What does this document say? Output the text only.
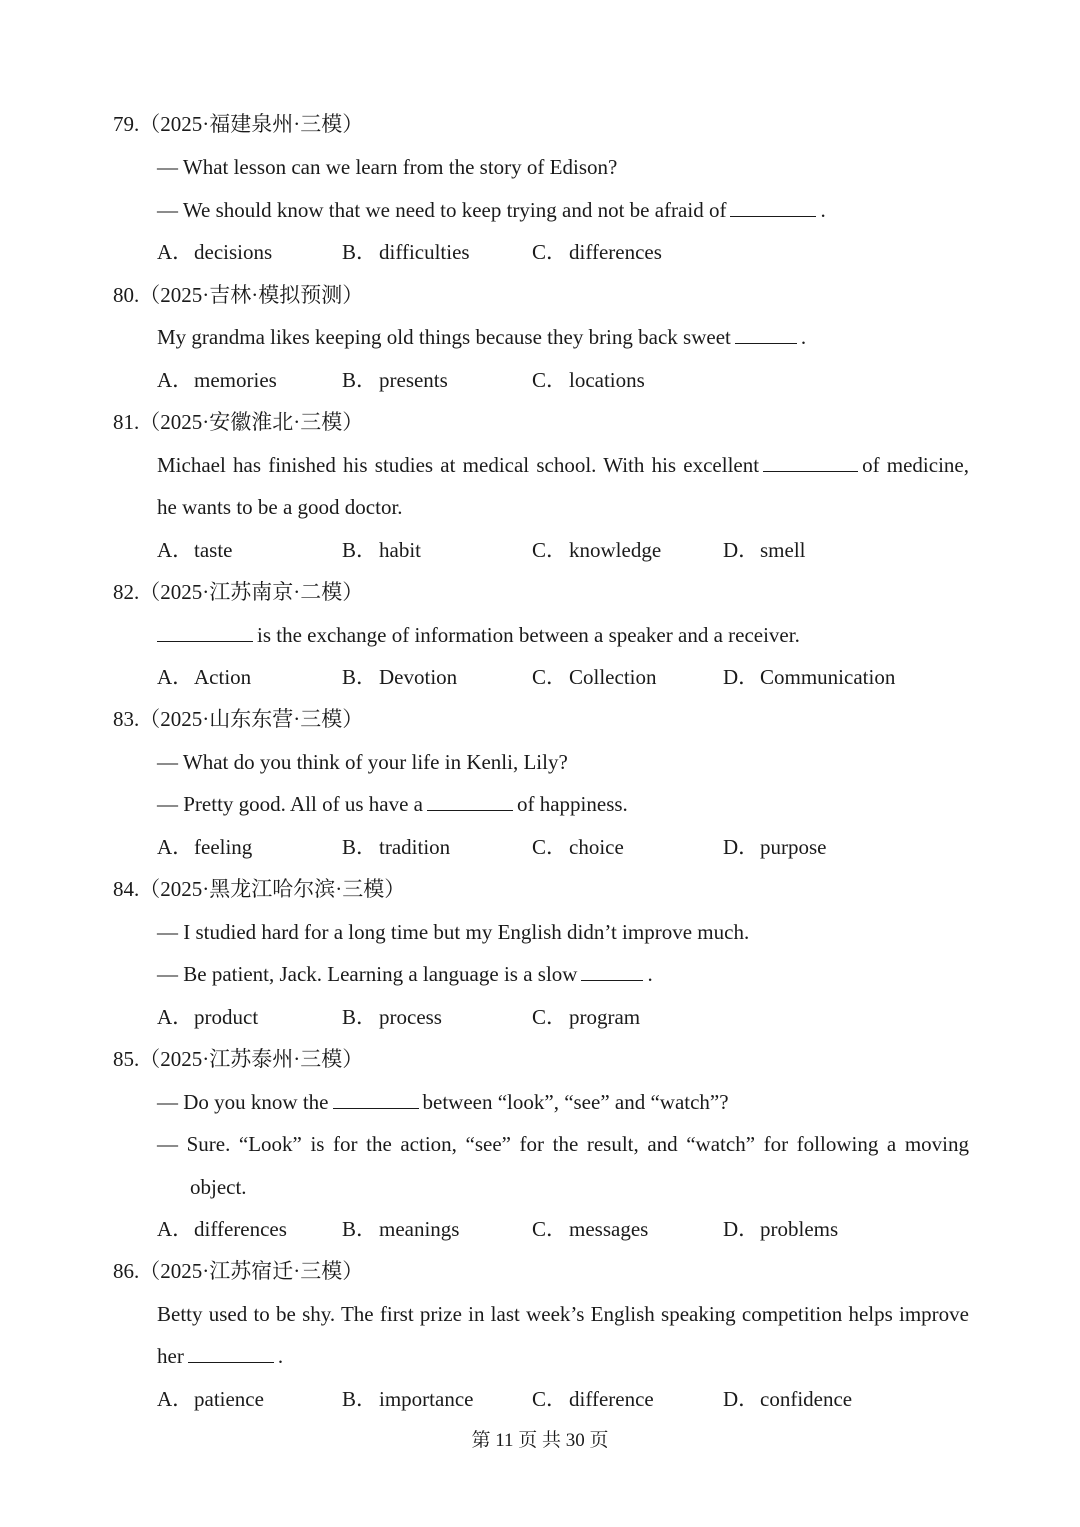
79.（2025·福建泉州·三模）
— What lesson can we learn from the story of Edison?
— We should know that we need to keep trying and not be afraid of	.
A．decisions	B．difficulties	C．differences
80.（2025·吉林·模拟预测）
My grandma likes keeping old things because they bring back sweet	.
A．memories	B．presents	C．locations
81.（2025·安徽淮北·三模）
Michael has finished his studies at medical school. With his excellent	of medicine,
he wants to be a good doctor.
A．taste	B．habit	C．knowledge	D．smell
82.（2025·江苏南京·二模）
is the exchange of information between a speaker and a receiver.
A．Action	B．Devotion	C．Collection	D．Communication
83.（2025·山东东营·三模）
— What do you think of your life in Kenli, Lily?
— Pretty good. All of us have a	of happiness.
A．feeling	B．tradition	C．choice	D．purpose
84.（2025·黑龙江哈尔滨·三模）
— I studied hard for a long time but my English didn’t improve much.
— Be patient, Jack. Learning a language is a slow	.
A．product	B．process	C．program
85.（2025·江苏泰州·三模）
— Do you know the	between “look”, “see” and “watch”?
— Sure. “Look” is for the action, “see” for the result, and “watch” for following a moving
object.
A．differences	B．meanings	C．messages	D．problems
86.（2025·江苏宿迁·三模）
Betty used to be shy. The first prize in last week’s English speaking competition helps improve
her	.
A．patience	B．importance	C．difference	D．confidence
第 11 页 共 30 页
